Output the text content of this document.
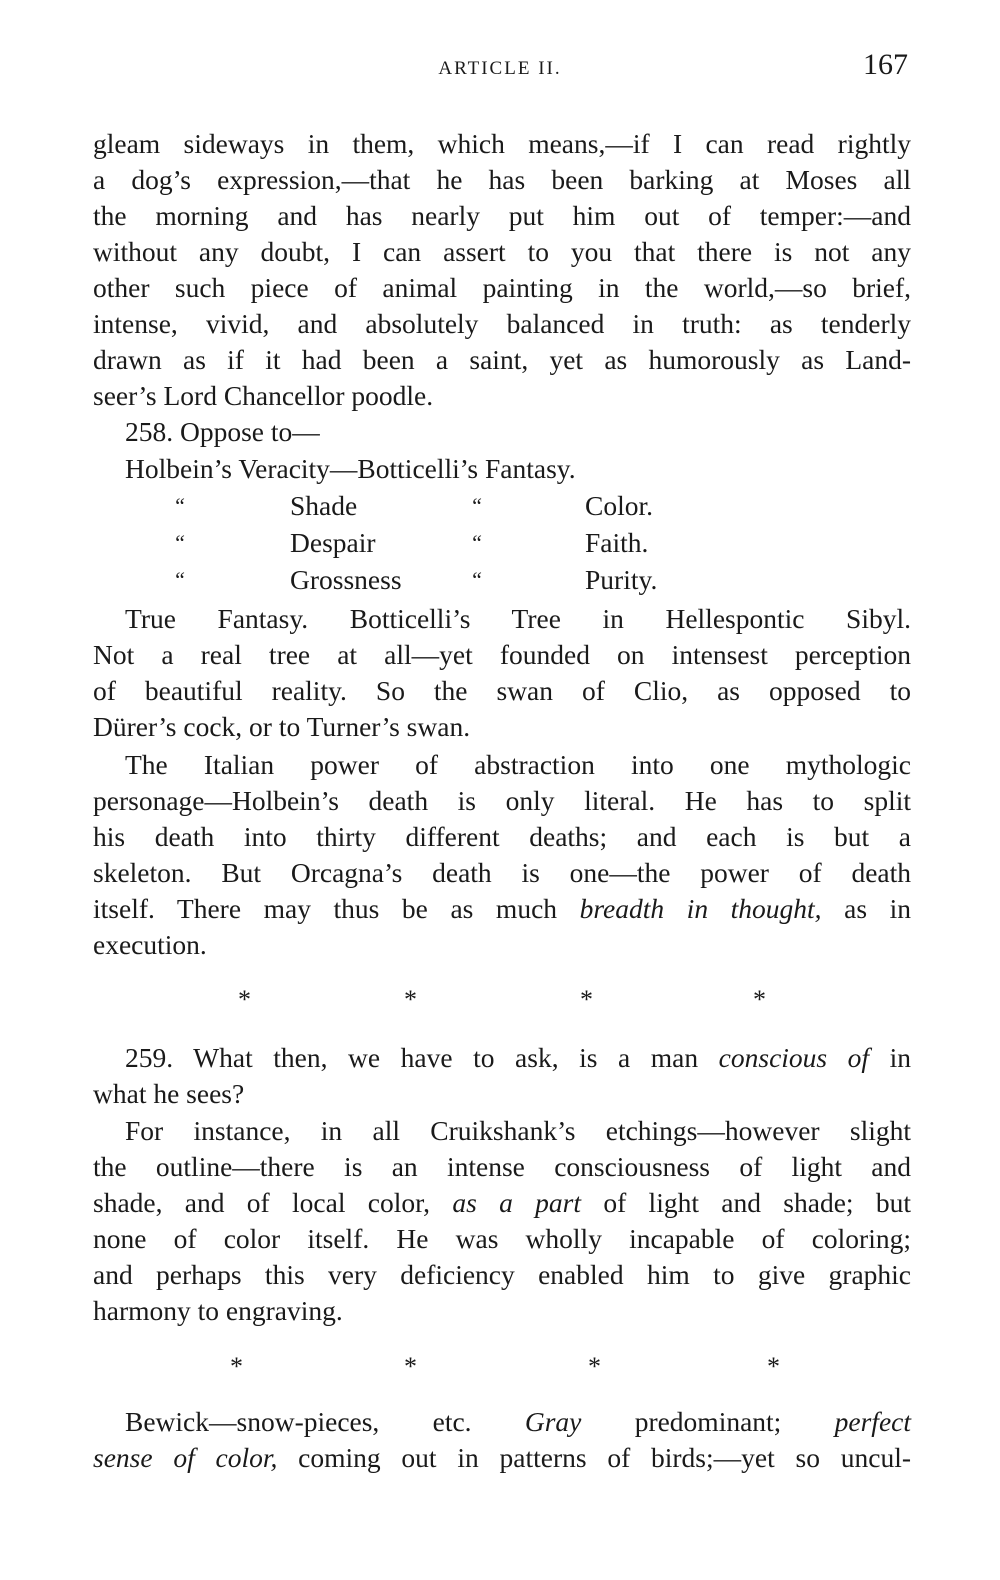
ARTICLE II.	167
gleam sideways in them, which means,—if I can read rightly
a dog’s expression,—that he has been barking at Moses all
the morning and has nearly put him out of temper:—and
without any doubt, I can assert to you that there is not any
other such piece of animal painting in the world,—so brief,
intense, vivid, and absolutely balanced in truth: as tenderly
drawn as if it had been a saint, yet as humorously as Land-
seer’s Lord Chancellor poodle.
258. Oppose to—
Holbein’s Veracity—Botticelli’s Fantasy.
“	Shade	“	Color.
“	Despair	“	Faith.
“	Grossness	“	Purity.
True Fantasy. Botticelli’s Tree in Hellespontic Sibyl.
Not a real tree at all—yet founded on intensest perception
of beautiful reality. So the swan of Clio, as opposed to
Dürer’s cock, or to Turner’s swan.
The Italian power of abstraction into one mythologic
personage—Holbein’s death is only literal. He has to split
his death into thirty different deaths; and each is but a
skeleton. But Orcagna’s death is one—the power of death
itself. There may thus be as much breadth in thought, as in
execution.
*	*	*	*
259. What then, we have to ask, is a man conscious of in
what he sees?
For instance, in all Cruikshank’s etchings—however slight
the outline—there is an intense consciousness of light and
shade, and of local color, as a part of light and shade; but
none of color itself. He was wholly incapable of coloring;
and perhaps this very deficiency enabled him to give graphic
harmony to engraving.
*	*	*	*
Bewick—snow-pieces, etc. Gray predominant; perfect
sense of color, coming out in patterns of birds;—yet so uncul-
